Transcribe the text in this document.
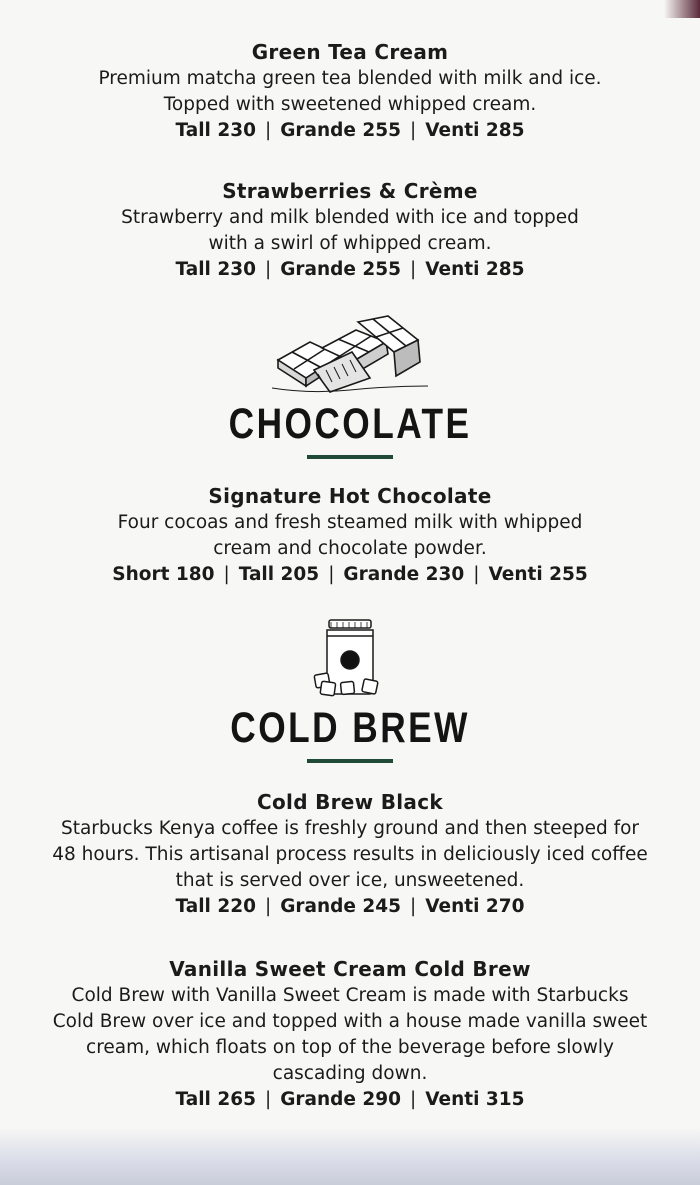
Green Tea Cream
Premium matcha green tea blended with milk and ice.
Topped with sweetened whipped cream.
Tall 230 | Grande 255 | Venti 285
Strawberries & Crème
Strawberry and milk blended with ice and topped
with a swirl of whipped cream.
Tall 230 | Grande 255 | Venti 285
CHOCOLATE
Signature Hot Chocolate
Four cocoas and fresh steamed milk with whipped
cream and chocolate powder.
Short 180 | Tall 205 | Grande 230 | Venti 255
COLD BREW
Cold Brew Black
Starbucks Kenya coffee is freshly ground and then steeped for
48 hours. This artisanal process results in deliciously iced coffee
that is served over ice, unsweetened.
Tall 220 | Grande 245 | Venti 270
Vanilla Sweet Cream Cold Brew
Cold Brew with Vanilla Sweet Cream is made with Starbucks
Cold Brew over ice and topped with a house made vanilla sweet
cream, which floats on top of the beverage before slowly
cascading down.
Tall 265 | Grande 290 | Venti 315
